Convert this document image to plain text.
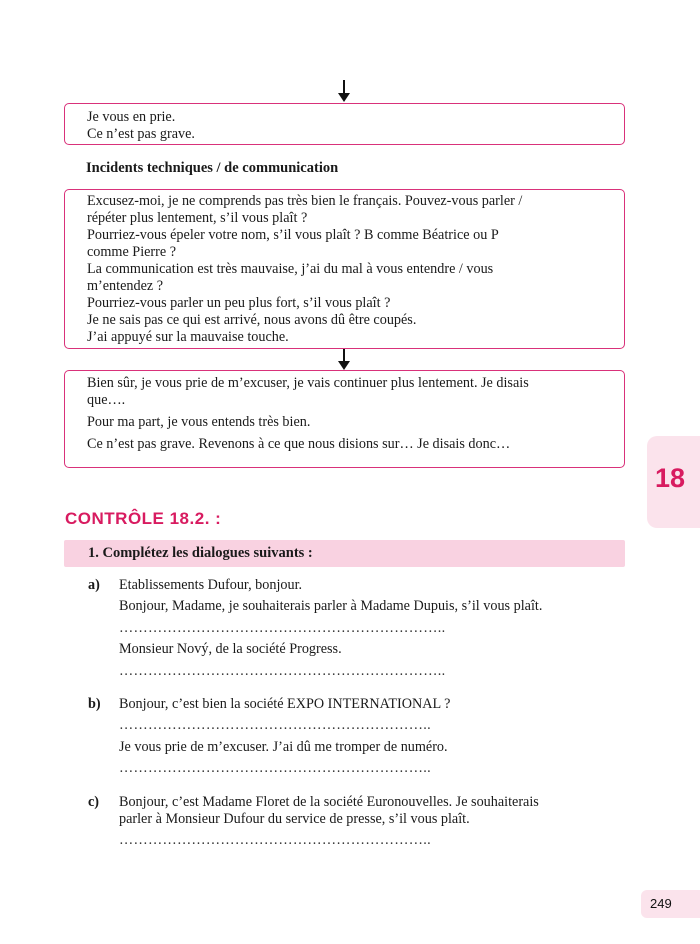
Je vous en prie.
Ce n’est pas grave.
Incidents techniques / de communication
Excusez-moi, je ne comprends pas très bien le français. Pouvez-vous parler /
répéter plus lentement, s’il vous plaît ?
Pourriez-vous épeler votre nom, s’il vous plaît ? B comme Béatrice ou P
comme Pierre ?
La communication est très mauvaise, j’ai du mal à vous entendre / vous
m’entendez ?
Pourriez-vous parler un peu plus fort, s’il vous plaît ?
Je ne sais pas ce qui est arrivé, nous avons dû être coupés.
J’ai appuyé sur la mauvaise touche.
Bien sûr, je vous prie de m’excuser, je vais continuer plus lentement. Je disais
que….
Pour ma part, je vous entends très bien.
Ce n’est pas grave. Revenons à ce que nous disions sur… Je disais donc…
18
CONTRÔLE 18.2. :
1. Complétez les dialogues suivants :
a) Etablissements Dufour, bonjour.
Bonjour, Madame, je souhaiterais parler à Madame Dupuis, s’il vous plaît.
…………………………………………………………..
Monsieur Nový, de la société Progress.
…………………………………………………………..
b) Bonjour, c’est bien la société EXPO INTERNATIONAL ?
………………………………………………………..
Je vous prie de m’excuser. J’ai dû me tromper de numéro.
………………………………………………………..
c) Bonjour, c’est Madame Floret de la société Euronouvelles. Je souhaiterais
parler à Monsieur Dufour du service de presse, s’il vous plaît.
………………………………………………………..
249
